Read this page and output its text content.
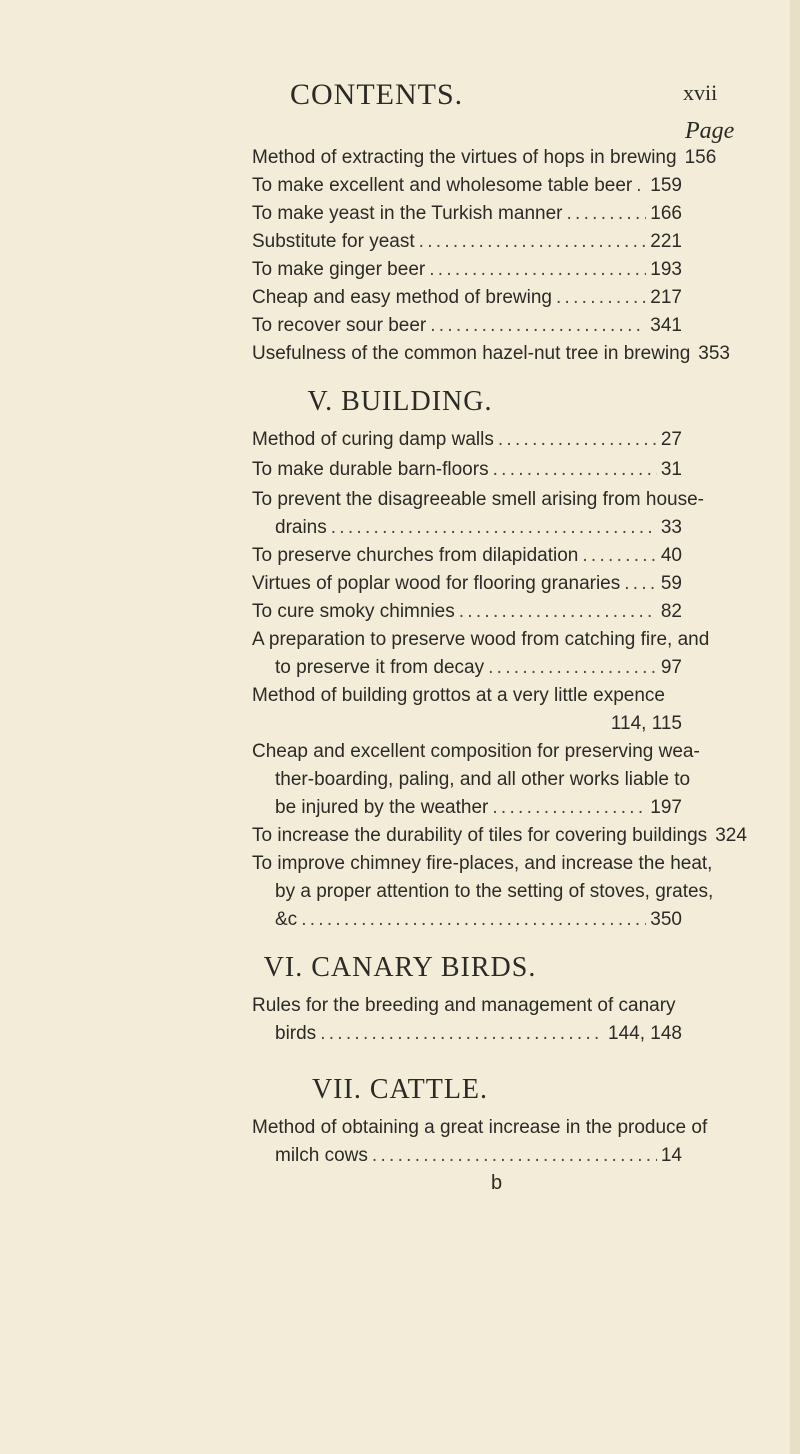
CONTENTS.	xvii
Page
Method of extracting the virtues of hops in brewing 156
To make excellent and wholesome table beer . . . 159
To make yeast in the Turkish manner . . .	166
Substitute for yeast . . .	221
To make ginger beer . . .	193
Cheap and easy method of brewing . . .	217
To recover sour beer . . .	341
Usefulness of the common hazel-nut tree in brewing 353
V. BUILDING.
Method of curing damp walls . . .	27
To make durable barn-floors . . .	31
To prevent the disagreeable smell arising from house-
drains . . .	33
To preserve churches from dilapidation . . .	40
Virtues of poplar wood for flooring granaries . . . 59
To cure smoky chimnies . . .	82
A preparation to preserve wood from catching fire, and
to preserve it from decay . . .	97
Method of building grottos at a very little expence
114, 115
Cheap and excellent composition for preserving wea-
ther-boarding, paling, and all other works liable to
be injured by the weather . . .	197
To increase the durability of tiles for covering buildings 324
To improve chimney fire-places, and increase the heat,
by a proper attention to the setting of stoves, grates,
&c . . .	350
VI. CANARY BIRDS.
Rules for the breeding and management of canary
birds . . .	144, 148
VII. CATTLE.
Method of obtaining a great increase in the produce of
milch cows . . .	14
b
